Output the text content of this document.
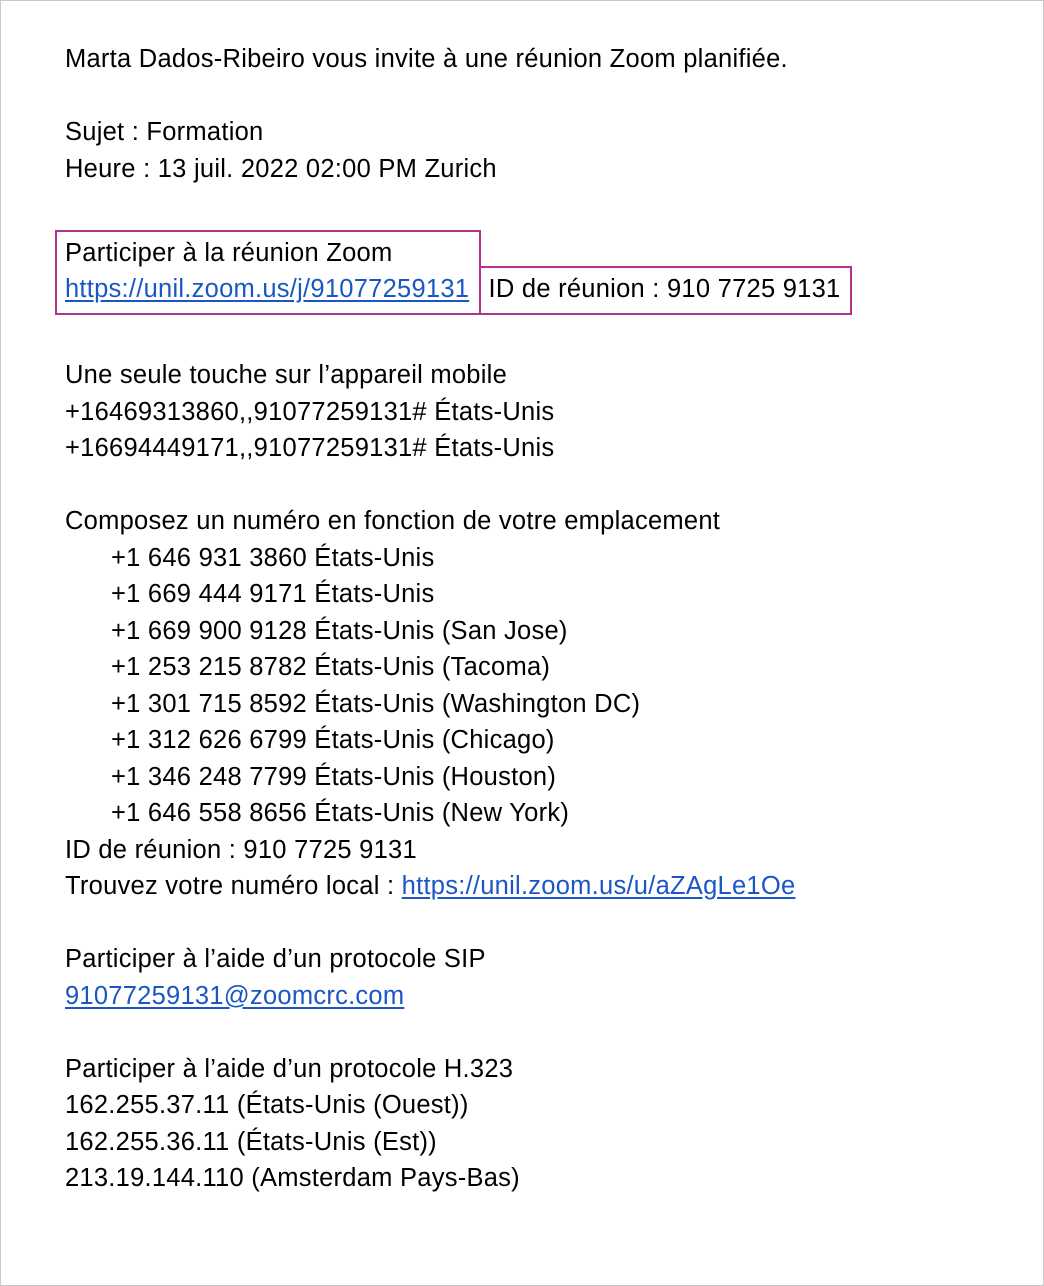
Marta Dados-Ribeiro vous invite à une réunion Zoom planifiée.
Sujet : Formation
Heure : 13 juil. 2022 02:00 PM Zurich
Participer à la réunion Zoom
https://unil.zoom.us/j/91077259131
ID de réunion : 910 7725 9131
Une seule touche sur l’appareil mobile
+16469313860,,91077259131# États-Unis
+16694449171,,91077259131# États-Unis
Composez un numéro en fonction de votre emplacement
+1 646 931 3860 États-Unis
+1 669 444 9171 États-Unis
+1 669 900 9128 États-Unis (San Jose)
+1 253 215 8782 États-Unis (Tacoma)
+1 301 715 8592 États-Unis (Washington DC)
+1 312 626 6799 États-Unis (Chicago)
+1 346 248 7799 États-Unis (Houston)
+1 646 558 8656 États-Unis (New York)
ID de réunion : 910 7725 9131
Trouvez votre numéro local : https://unil.zoom.us/u/aZAgLe1Oe
Participer à l’aide d’un protocole SIP
91077259131@zoomcrc.com
Participer à l’aide d’un protocole H.323
162.255.37.11 (États-Unis (Ouest))
162.255.36.11 (États-Unis (Est))
213.19.144.110 (Amsterdam Pays-Bas)
